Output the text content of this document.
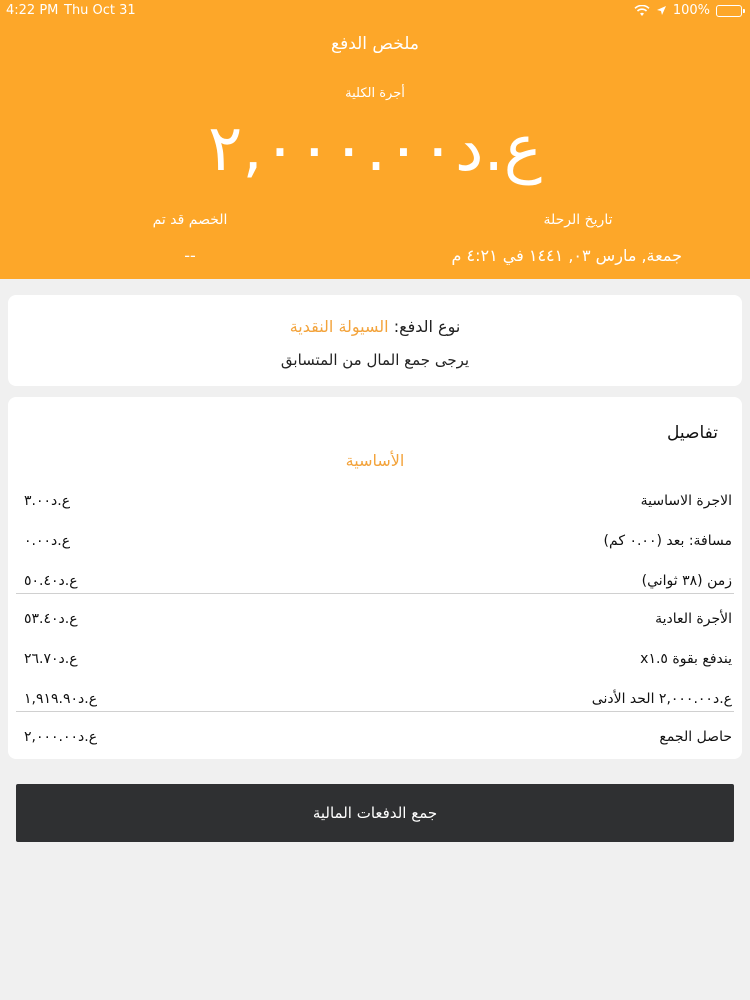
4:22 PM Thu Oct 31	100%
ملخص الدفع
أجرة الكلية
ع.د٢,٠٠٠.٠٠
تاريخ الرحلة
جمعة, مارس ٠٣, ١٤٤١ في ٤:٢١ م
الخصم قد تم
--
نوع الدفع: السيولة النقدية
يرجى جمع المال من المتسابق
تفاصيل
الأساسية
الاجرة الاساسية
ع.د٣.٠٠
مسافة: بعد (٠.٠٠ كم)
ع.د٠.٠٠
زمن (٣٨ ثواني)
ع.د٥٠.٤٠
الأجرة العادية
ع.د٥٣.٤٠
يندفع بقوة x١.٥
ع.د٢٦.٧٠
ع.د٢,٠٠٠.٠٠ الحد الأدنى
ع.د١,٩١٩.٩٠
حاصل الجمع
ع.د٢,٠٠٠.٠٠
جمع الدفعات المالية
